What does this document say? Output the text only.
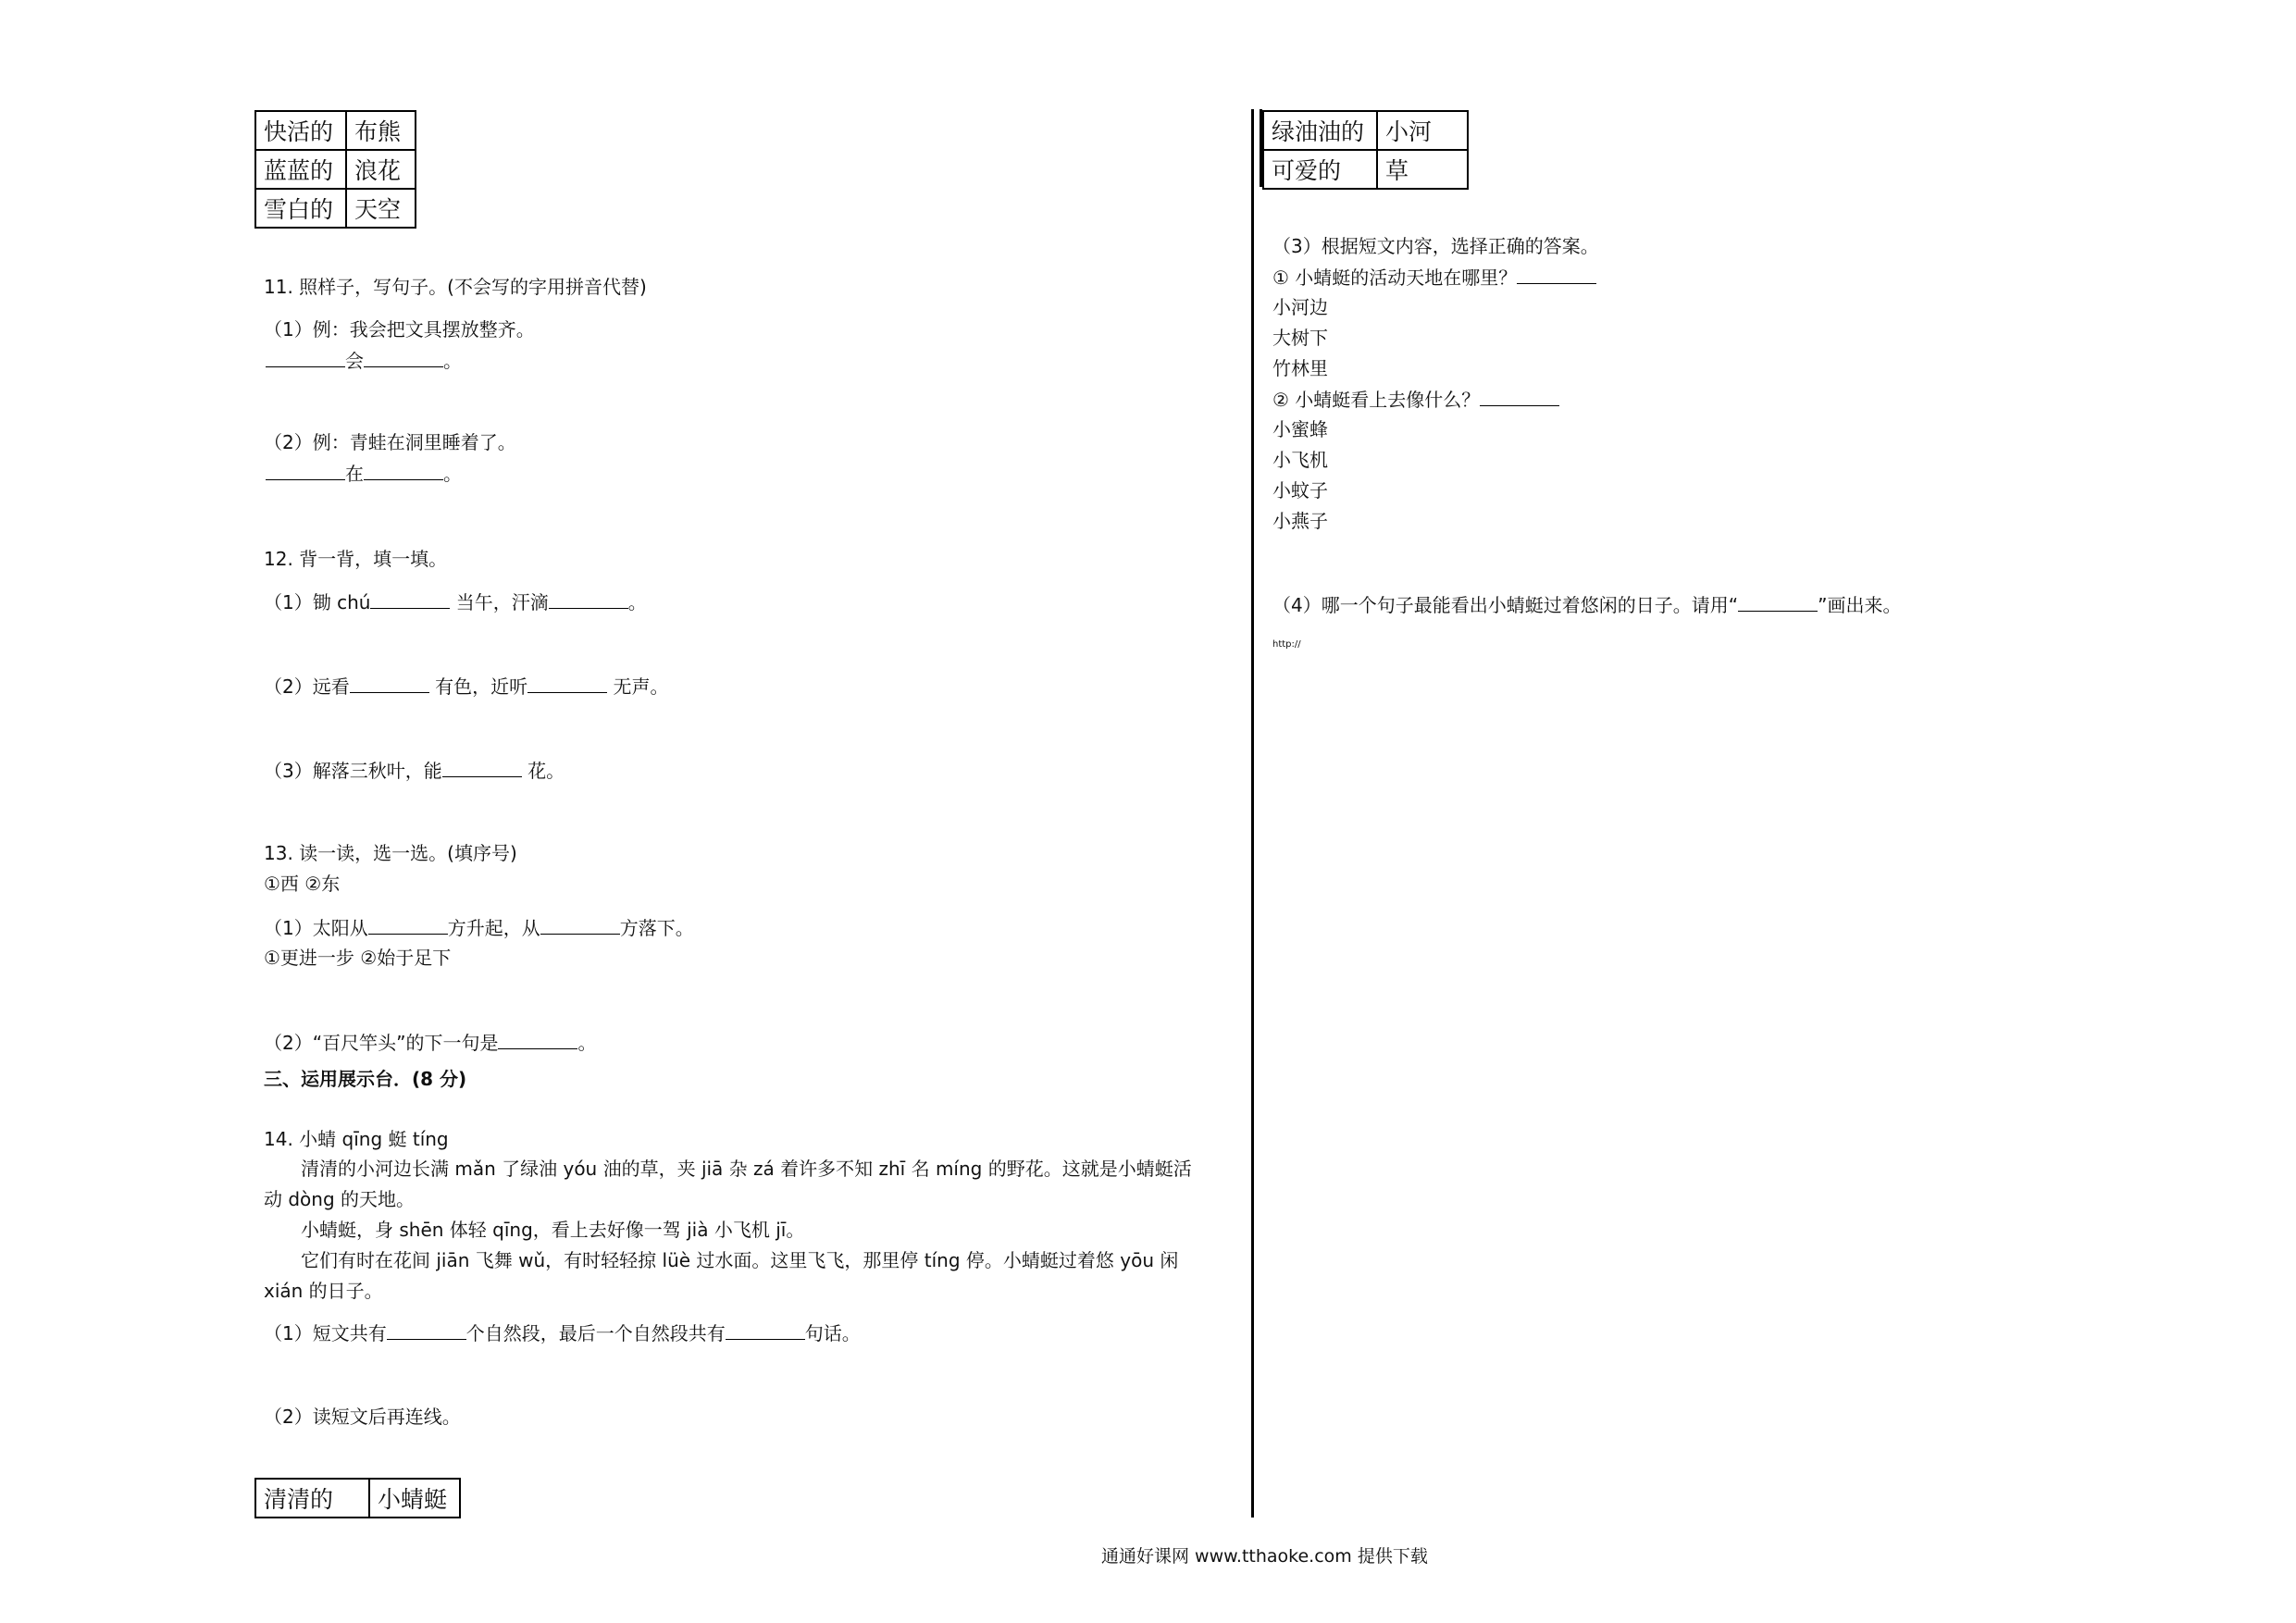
快活的	布熊
蓝蓝的	浪花
雪白的	天空
11. 照样子，写句子。(不会写的字用拼音代替)
（1）例：我会把文具摆放整齐。
会	。
（2）例：青蛙在洞里睡着了。
在	。
12. 背一背，填一填。
（1）锄 chú	当午，汗滴	。
（2）远看	有色，近听	无声。
（3）解落三秋叶，能	花。
13. 读一读，选一选。(填序号)
①西 ②东
（1）太阳从	方升起，从	方落下。
①更进一步 ②始于足下
（2）“百尺竿头”的下一句是	。
三、运用展示台．(8 分)
14. 小蜻 qīng 蜓 tíng
清清的小河边长满 mǎn 了绿油 yóu 油的草，夹 jiā 杂 zá 着许多不知 zhī 名 míng 的野花。这就是小蜻蜓活
动 dòng 的天地。
小蜻蜓，身 shēn 体轻 qīng，看上去好像一驾 jià 小飞机 jī。
它们有时在花间 jiān 飞舞 wǔ，有时轻轻掠 lüè 过水面。这里飞飞，那里停 tíng 停。小蜻蜓过着悠 yōu 闲
xián 的日子。
（1）短文共有	个自然段，最后一个自然段共有	句话。
（2）读短文后再连线。
清清的	小蜻蜓
绿油油的	小河
可爱的	草
（3）根据短文内容，选择正确的答案。
① 小蜻蜓的活动天地在哪里？
小河边
大树下
竹林里
② 小蜻蜓看上去像什么？
小蜜蜂
小飞机
小蚊子
小燕子
（4）哪一个句子最能看出小蜻蜓过着悠闲的日子。请用“	”画出来。
http://
通通好课网 www.tthaoke.com 提供下载
